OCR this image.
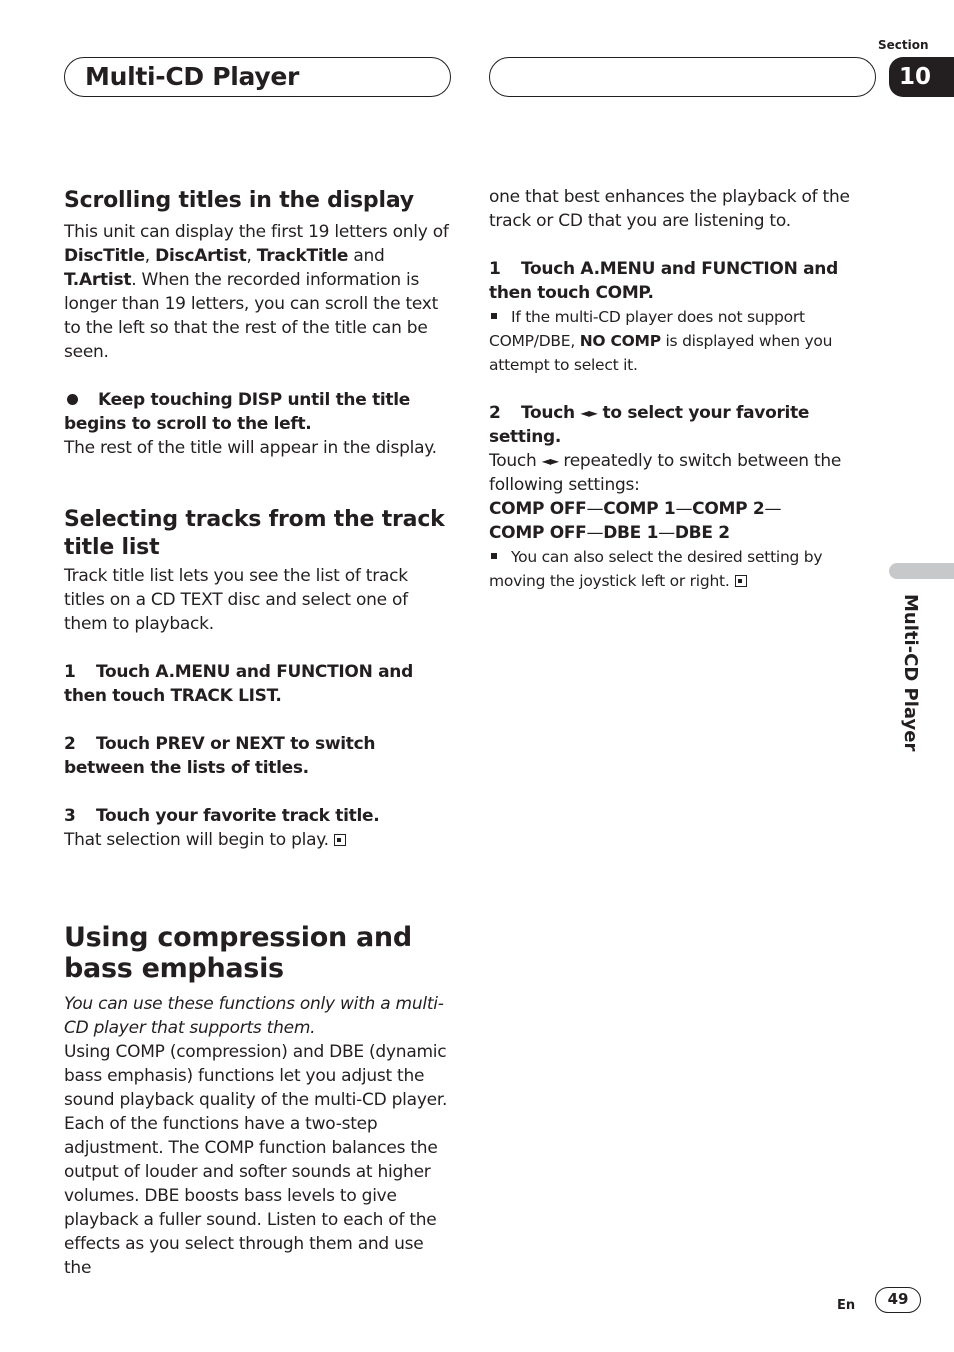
Multi-CD Player
Section
10
Multi-CD Player

Scrolling titles in the display

This unit can display the first 19 letters only of DiscTitle, DiscArtist, TrackTitle and T.Artist. When the recorded information is longer than 19 letters, you can scroll the text to the left so that the rest of the title can be seen.

Keep touching DISP until the title begins to scroll to the left.

The rest of the title will appear in the display.

Selecting tracks from the track title list

Track title list lets you see the list of track titles on a CD TEXT disc and select one of them to playback.

1 Touch A.MENU and FUNCTION and then touch TRACK LIST.

2 Touch PREV or NEXT to switch between the lists of titles.

3 Touch your favorite track title.

That selection will begin to play.

Using compression and bass emphasis

You can use these functions only with a multi-CD player that supports them.

Using COMP (compression) and DBE (dynamic bass emphasis) functions let you adjust the sound playback quality of the multi-CD player. Each of the functions have a two-step adjustment. The COMP function balances the output of louder and softer sounds at higher volumes. DBE boosts bass levels to give playback a fuller sound. Listen to each of the effects as you select through them and use the

one that best enhances the playback of the track or CD that you are listening to.

1 Touch A.MENU and FUNCTION and then touch COMP.

If the multi-CD player does not support COMP/DBE, NO COMP is displayed when you attempt to select it.

2 Touch ◄► to select your favorite setting.

Touch ◄► repeatedly to switch between the following settings:

COMP OFF—COMP 1—COMP 2—

COMP OFF—DBE 1—DBE 2

You can also select the desired setting by moving the joystick left or right.

En	49
